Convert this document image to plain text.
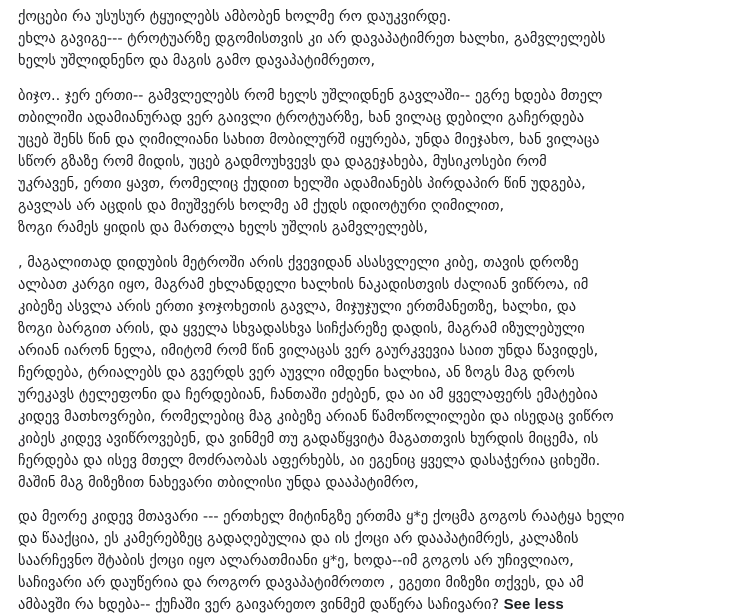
ქოცები რა უსუსურ ტყუილებს ამბობენ ხოლმე რო დაუკვირდე.
ეხლა გავიგე--- ტროტუარზე დგომისთვის კი არ დავაპატიმრეთ ხალხი, გამვლელებს
ხელს უშლიდნენო და მაგის გამო დავაპატიმრეთო,
ბიჯო.. ჯერ ერთი-- გამვლელებს რომ ხელს უშლიდნენ გავლაში-- ეგრე ხდება მთელ
თბილიში ადამიანურად ვერ გაივლი ტროტუარზე, ხან ვილაც დებილი გაჩერდება
უცებ შენს წინ და ღიმილიანი სახით მობილურშ იყურება, უნდა მიეჯახო, ხან ვილაცა
სწორ გზაზე რომ მიდის, უცებ გადმოუხვევს და დაგეჯახება, მუსიკოსები რომ
უკრავენ, ერთი ყავთ, რომელიც ქუდით ხელში ადამიანებს პირდაპირ წინ უდგება,
გავლას არ აცდის და მიუშვერს ხოლმე ამ ქუდს იდიოტური ღიმილით,
ზოგი რამეს ყიდის და მართლა ხელს უშლის გამვლელებს,
, მაგალითად დიდუბის მეტროში არის ქვევიდან ასასვლელი კიბე, თავის დროზე
ალბათ კარგი იყო, მაგრამ ეხლანდელი ხალხის ნაკადისთვის ძალიან ვიწროა, იმ
კიბეზე ასვლა არის ერთი ჯოჯოხეთის გავლა, მიჯუჯული ერთმანეთზე, ხალხი, და
ზოგი ბარგით არის, და ყველა სხვადასხვა სიჩქარეზე დადის, მაგრამ იზულებული
არიან იარონ ნელა, იმიტომ რომ წინ ვილაცას ვერ გაურკვევია საით უნდა წავიდეს,
ჩერდება, ტრიალებს და გვერდს ვერ აუვლი იმდენი ხალხია, ან ზოგს მაგ დროს
ურეკავს ტელეფონი და ჩერდებიან, ჩანთაში ეძებენ, და აი ამ ყველაფერს ემატებია
კიდევ მათხოვრები, რომელებიც მაგ კიბეზე არიან წამოწოლილები და ისედაც ვიწრო
კიბეს კიდევ ავიწროვებენ, და ვინმემ თუ გადაწყვიტა მაგათთვის ხურდის მიცემა, ის
ჩერდება და ისევ მთელ მოძრაობას აფერხებს, აი ეგენიც ყველა დასაჭერია ციხეში.
მაშინ მაგ მიზეზით ნახევარი თბილისი უნდა დააპატიმრო,
და მეორე კიდევ მთავარი --- ერთხელ მიტინგზე ერთმა ყ*ე ქოცმა გოგოს რაატყა ხელი
და წააქცია, ეს კამერებზეც გადაღებულია და ის ქოცი არ დააპატიმრეს, კალაზის
საარჩევნო შტაბის ქოცი იყო ალარათმიანი ყ*ე, ხოდა--იმ გოგოს არ უჩივლიაო,
საჩივარი არ დაუწერია და როგორ დავაპატიმროთო , ეგეთი მიზეზი თქვეს, და ამ
ამბავში რა ხდება-- ქუჩაში ვერ გაივარეთო ვინმემ დაწერა საჩივარი? See less
